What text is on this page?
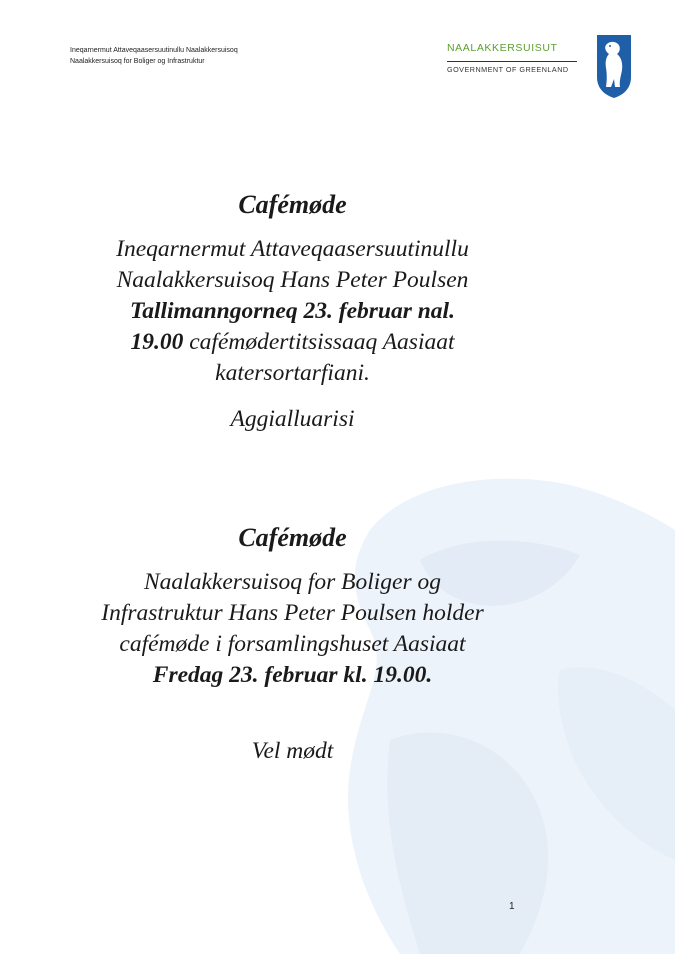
Ineqarnermut Attaveqaasersuutinullu Naalakkersuisoq
Naalakkersuisoq for Boliger og Infrastruktur
NAALAKKERSUISUT
GOVERNMENT OF GREENLAND
Cafémøde
Ineqarnermut Attaveqaasersuutinullu
Naalakkersuisoq Hans Peter Poulsen
Tallimanngorneq 23. februar nal.
19.00 cafémødertitsissaaq Aasiaat
katersortarfiani.
Aggialluarisi
Cafémøde
Naalakkersuisoq for Boliger og
Infrastruktur Hans Peter Poulsen holder
cafémøde i forsamlingshuset Aasiaat
Fredag 23. februar kl. 19.00.
Vel mødt
1
